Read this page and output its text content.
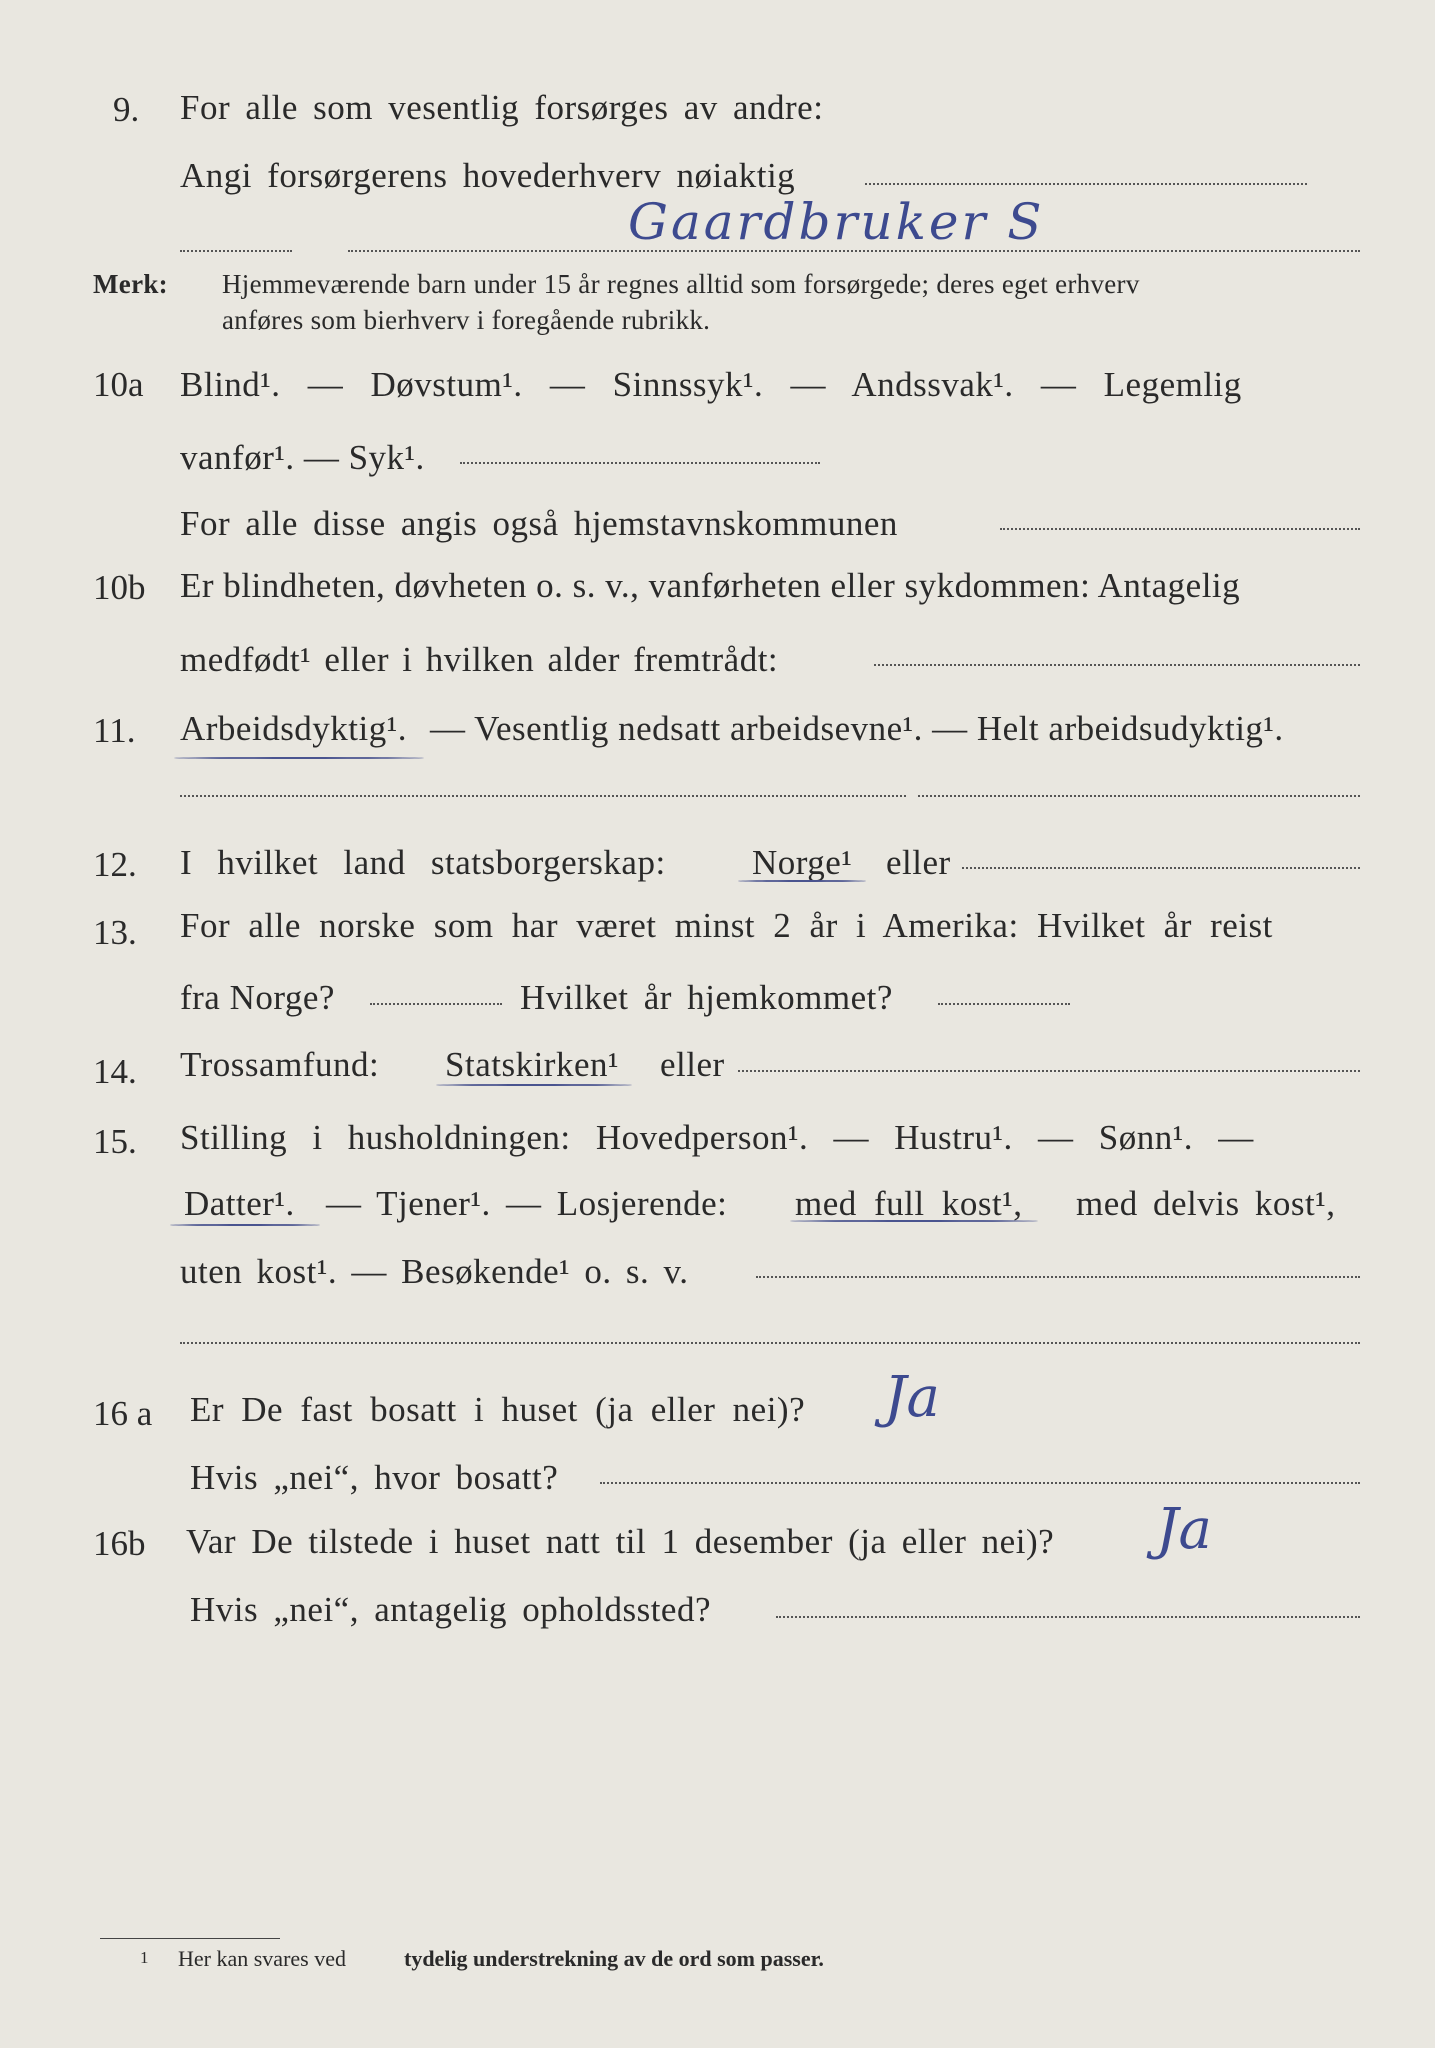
9. For alle som vesentlig forsørges av andre:
Angi forsørgerens hovederhverv nøiaktig
Gaardbruker S
Merk: Hjemmeværende barn under 15 år regnes alltid som forsørgede; deres eget erhverv
anføres som bierhverv i foregående rubrikk.
10a Blind¹. — Døvstum¹. — Sinnssyk¹. — Andssvak¹. — Legemlig
vanfør¹. — Syk¹.
For alle disse angis også hjemstavnskommunen
10b Er blindheten, døvheten o. s. v., vanførheten eller sykdommen: Antagelig
medfødt¹ eller i hvilken alder fremtrådt:
11. Arbeidsdyktig¹. — Vesentlig nedsatt arbeidsevne¹. — Helt arbeidsudyktig¹.
12. I hvilket land statsborgerskap: Norge¹ eller
13. For alle norske som har været minst 2 år i Amerika: Hvilket år reist
fra Norge?	Hvilket år hjemkommet?
14. Trossamfund: Statskirken¹ eller
15. Stilling i husholdningen: Hovedperson¹. — Hustru¹. — Sønn¹. —
Datter¹. — Tjener¹. — Losjerende: med full kost¹, med delvis kost¹,
uten kost¹. — Besøkende¹ o. s. v.
16 a Er De fast bosatt i huset (ja eller nei)? Ja
Hvis „nei“, hvor bosatt?
16b Var De tilstede i huset natt til 1 desember (ja eller nei)? Ja
Hvis „nei“, antagelig opholdssted?
1 Her kan svares ved	tydelig understrekning av de ord som passer.
